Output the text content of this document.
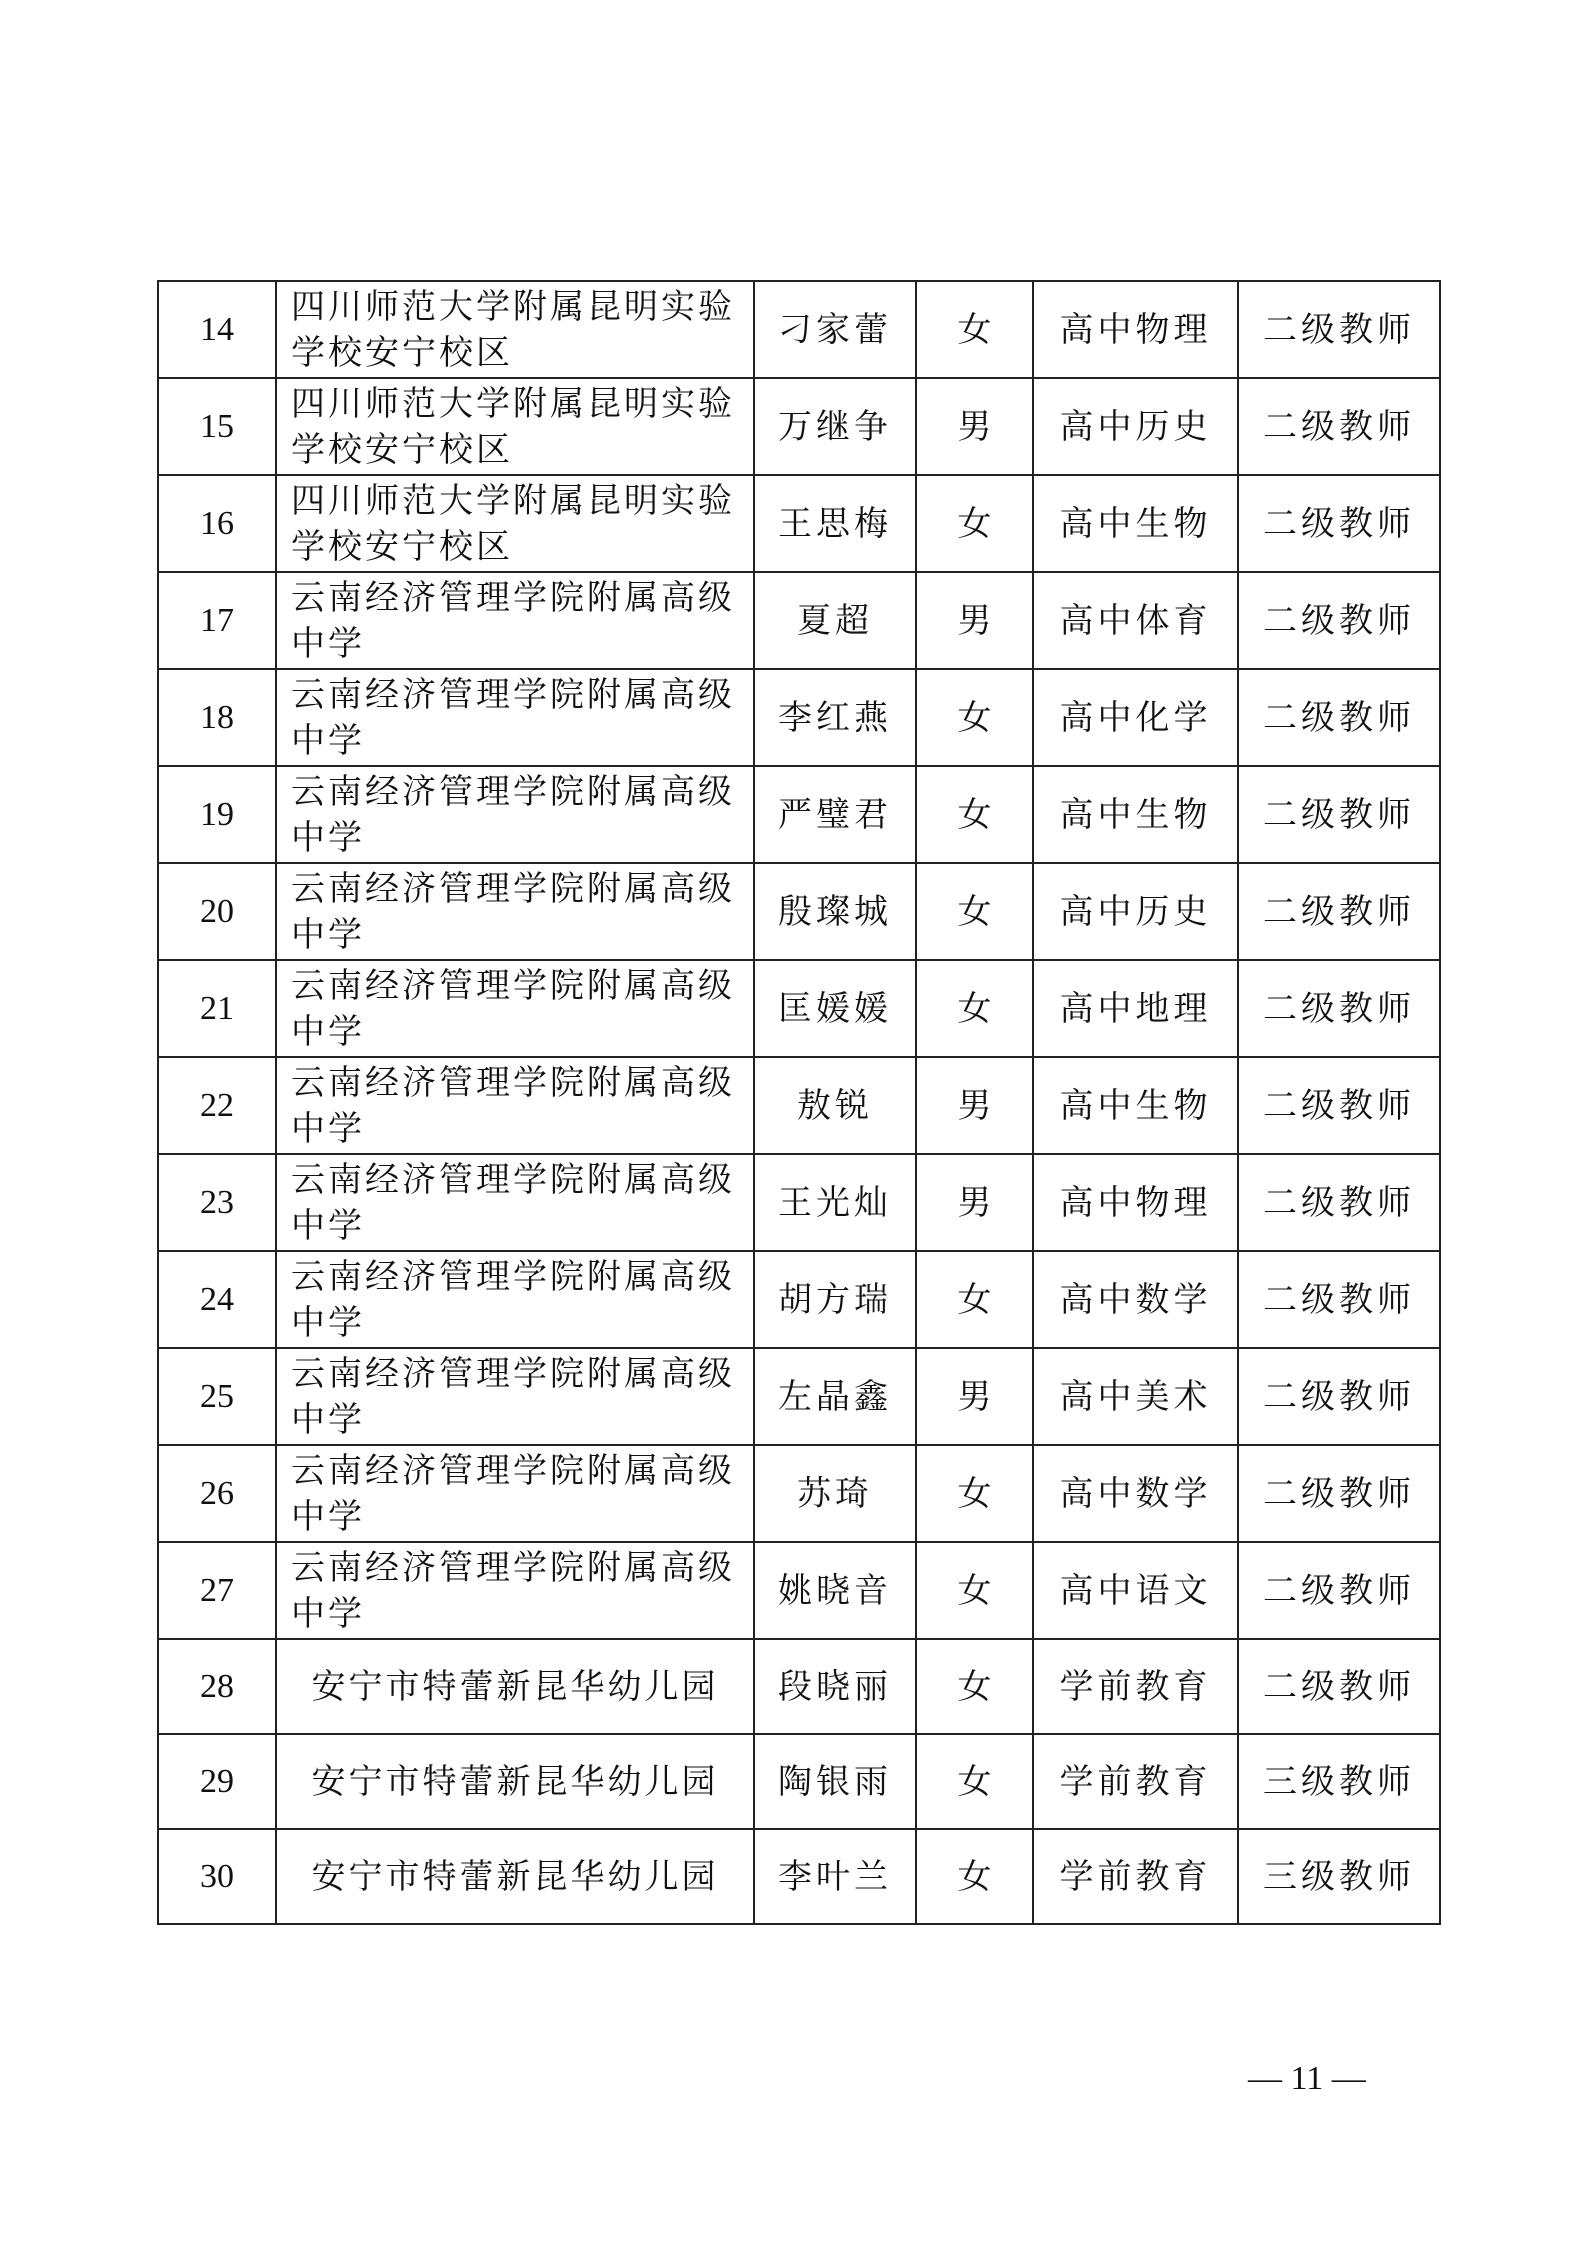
14	四川师范大学附属昆明实验学校安宁校区	刁家蕾	女	高中物理	二级教师
15	四川师范大学附属昆明实验学校安宁校区	万继争	男	高中历史	二级教师
16	四川师范大学附属昆明实验学校安宁校区	王思梅	女	高中生物	二级教师
17	云南经济管理学院附属高级中学	夏超	男	高中体育	二级教师
18	云南经济管理学院附属高级中学	李红燕	女	高中化学	二级教师
19	云南经济管理学院附属高级中学	严璧君	女	高中生物	二级教师
20	云南经济管理学院附属高级中学	殷璨城	女	高中历史	二级教师
21	云南经济管理学院附属高级中学	匡媛媛	女	高中地理	二级教师
22	云南经济管理学院附属高级中学	敖锐	男	高中生物	二级教师
23	云南经济管理学院附属高级中学	王光灿	男	高中物理	二级教师
24	云南经济管理学院附属高级中学	胡方瑞	女	高中数学	二级教师
25	云南经济管理学院附属高级中学	左晶鑫	男	高中美术	二级教师
26	云南经济管理学院附属高级中学	苏琦	女	高中数学	二级教师
27	云南经济管理学院附属高级中学	姚晓音	女	高中语文	二级教师
28	安宁市特蕾新昆华幼儿园	段晓丽	女	学前教育	二级教师
29	安宁市特蕾新昆华幼儿园	陶银雨	女	学前教育	三级教师
30	安宁市特蕾新昆华幼儿园	李叶兰	女	学前教育	三级教师
— 11 —
